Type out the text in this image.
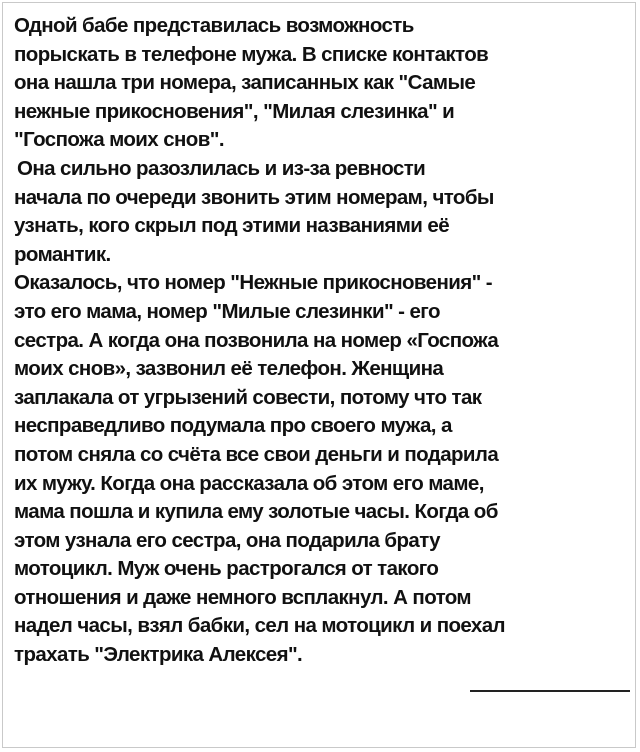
Одной бабе представилась возможность
порыскать в телефоне мужа. В списке контактов
она нашла три номера, записанных как "Самые
нежные прикосновения", "Милая слезинка" и
"Госпожа моих снов".
Она сильно разозлилась и из-за ревности
начала по очереди звонить этим номерам, чтобы
узнать, кого скрыл под этими названиями её
романтик.
Оказалось, что номер "Нежные прикосновения" -
это его мама, номер "Милые слезинки" - его
сестра. А когда она позвонила на номер «Госпожа
моих снов», зазвонил её телефон. Женщина
заплакала от угрызений совести, потому что так
несправедливо подумала про своего мужа, а
потом сняла со счёта все свои деньги и подарила
их мужу. Когда она рассказала об этом его маме,
мама пошла и купила ему золотые часы. Когда об
этом узнала его сестра, она подарила брату
мотоцикл. Муж очень растрогался от такого
отношения и даже немного всплакнул. А потом
надел часы, взял бабки, сел на мотоцикл и поехал
трахать "Электрика Алексея".
